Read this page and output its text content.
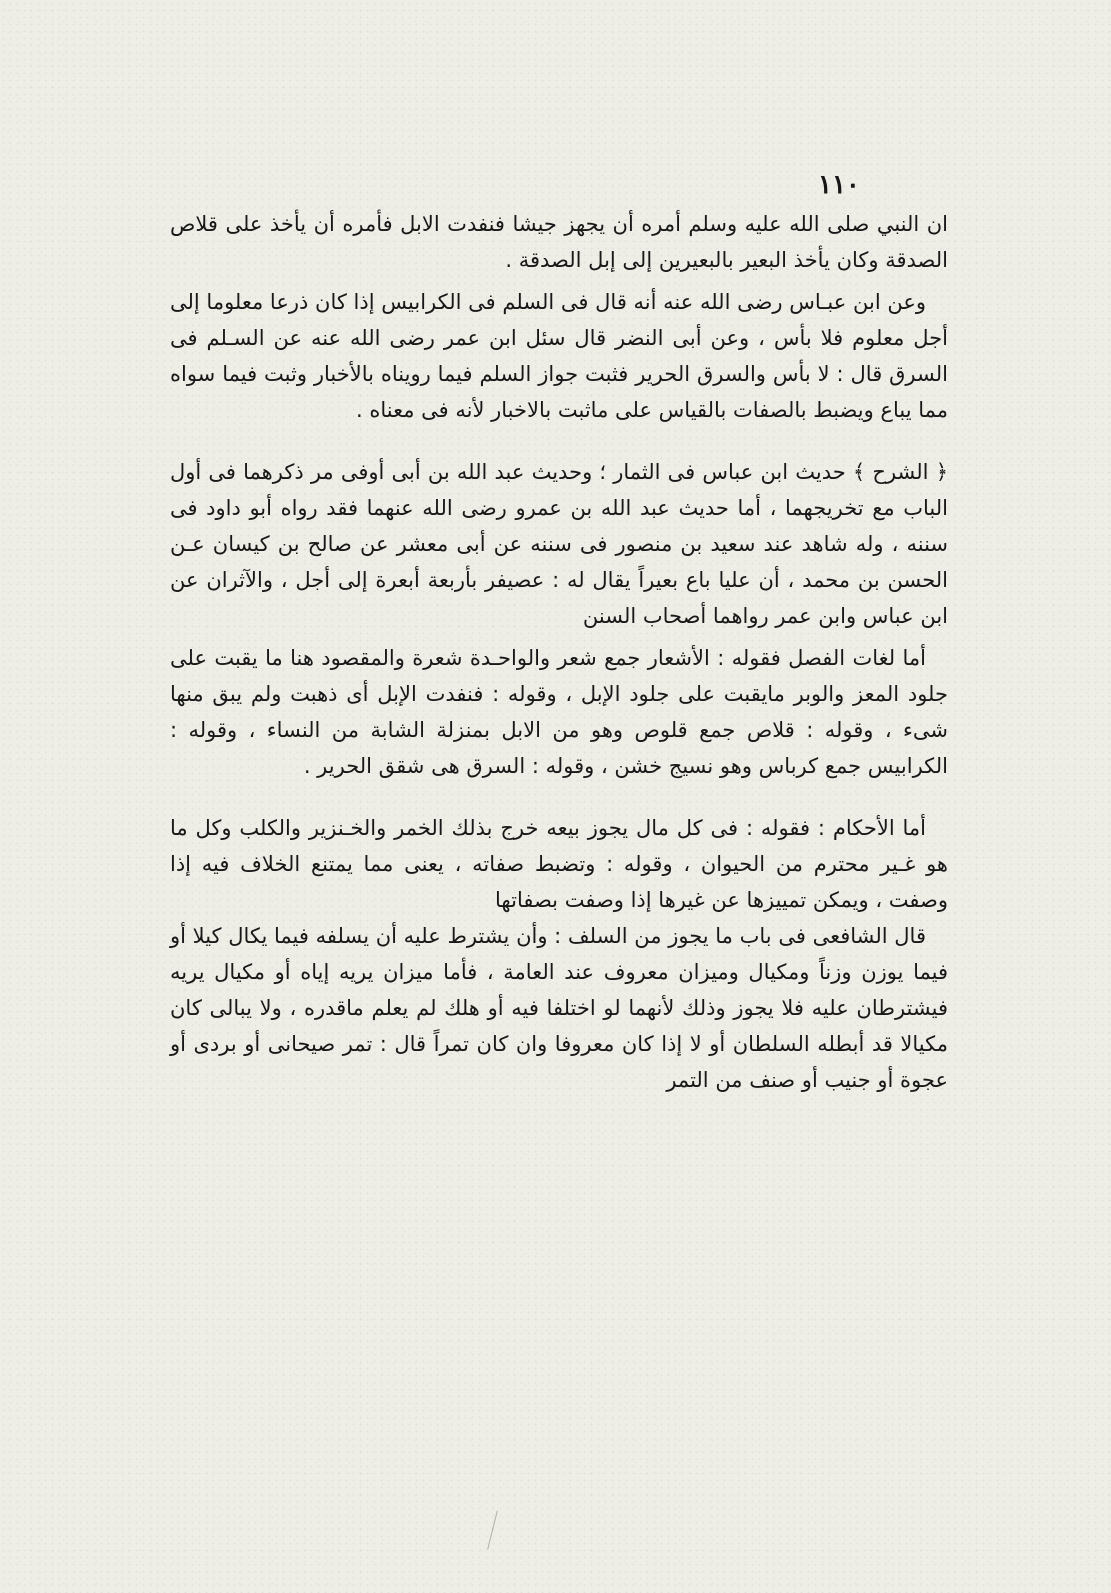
١١٠

ان النبي صلى الله عليه وسلم أمره أن يجهز جيشا فنفدت الابل فأمره أن يأخذ على قلاص الصدقة وكان يأخذ البعير بالبعيرين إلى إبل الصدقة .

وعن ابن عبـاس رضى الله عنه أنه قال فى السلم فى الكرابيس إذا كان ذرعا معلوما إلى أجل معلوم فلا بأس ، وعن أبى النضر قال سئل ابن عمر رضى الله عنه عن السـلم فى السرق قال : لا بأس والسرق الحرير فثبت جواز السلم فيما رويناه بالأخبار وثبت فيما سواه مما يباع ويضبط بالصفات بالقياس على ماثبت بالاخبار لأنه فى معناه .

﴿ الشرح ﴾ حديث ابن عباس فى الثمار ؛ وحديث عبد الله بن أبى أوفى مر ذكرهما فى أول الباب مع تخريجهما ، أما حديث عبد الله بن عمرو رضى الله عنهما فقد رواه أبو داود فى سننه ، وله شاهد عند سعيد بن منصور فى سننه عن أبى معشر عن صالح بن كيسان عـن الحسن بن محمد ، أن عليا باع بعيراً يقال له : عصيفر بأربعة أبعرة إلى أجل ، والآثران عن ابن عباس وابن عمر رواهما أصحاب السنن

أما لغات الفصل فقوله : الأشعار جمع شعر والواحـدة شعرة والمقصود هنا ما يقبت على جلود المعز والوبر مايقبت على جلود الإبل ، وقوله : فنفدت الإبل أى ذهبت ولم يبق منها شىء ، وقوله : قلاص جمع قلوص وهو من الابل بمنزلة الشابة من النساء ، وقوله : الكرابيس جمع كرباس وهو نسيج خشن ، وقوله : السرق هى شقق الحرير .

أما الأحكام : فقوله : فى كل مال يجوز بيعه خرج بذلك الخمر والخـنزير والكلب وكل ما هو غـير محترم من الحيوان ، وقوله : وتضبط صفاته ، يعنى مما يمتنع الخلاف فيه إذا وصفت ، ويمكن تمييزها عن غيرها إذا وصفت بصفاتها

قال الشافعى فى باب ما يجوز من السلف : وأن يشترط عليه أن يسلفه فيما يكال كيلا أو فيما يوزن وزناً ومكيال وميزان معروف عند العامة ، فأما ميزان يريه إياه أو مكيال يريه فيشترطان عليه فلا يجوز وذلك لأنهما لو اختلفا فيه أو هلك لم يعلم ماقدره ، ولا يبالى كان مكيالا قد أبطله السلطان أو لا إذا كان معروفا وان كان تمراً قال : تمر صيحانى أو بردى أو عجوة أو جنيب أو صنف من التمر
